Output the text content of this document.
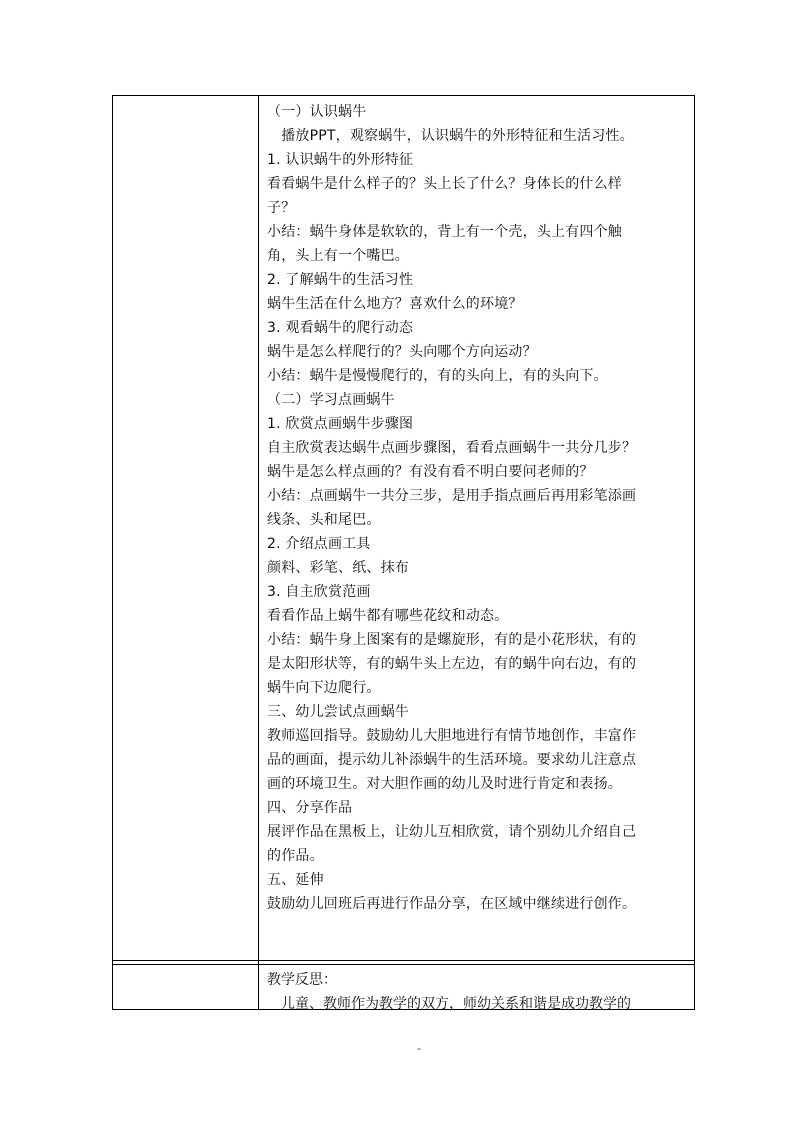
（一）认识蜗牛
　播放PPT，观察蜗牛，认识蜗牛的外形特征和生活习性。
1. 认识蜗牛的外形特征
看看蜗牛是什么样子的？头上长了什么？身体长的什么样
子？
小结：蜗牛身体是软软的，背上有一个壳，头上有四个触
角，头上有一个嘴巴。
2. 了解蜗牛的生活习性
蜗牛生活在什么地方？喜欢什么的环境？
3. 观看蜗牛的爬行动态
蜗牛是怎么样爬行的？头向哪个方向运动？
小结：蜗牛是慢慢爬行的，有的头向上，有的头向下。
（二）学习点画蜗牛
1. 欣赏点画蜗牛步骤图
自主欣赏表达蜗牛点画步骤图，看看点画蜗牛一共分几步？
蜗牛是怎么样点画的？有没有看不明白要问老师的？
小结：点画蜗牛一共分三步，是用手指点画后再用彩笔添画
线条、头和尾巴。
2. 介绍点画工具
颜料、彩笔、纸、抹布
3. 自主欣赏范画
看看作品上蜗牛都有哪些花纹和动态。
小结：蜗牛身上图案有的是螺旋形，有的是小花形状，有的
是太阳形状等，有的蜗牛头上左边，有的蜗牛向右边，有的
蜗牛向下边爬行。
三、幼儿尝试点画蜗牛
教师巡回指导。鼓励幼儿大胆地进行有情节地创作，丰富作
品的画面，提示幼儿补添蜗牛的生活环境。要求幼儿注意点
画的环境卫生。对大胆作画的幼儿及时进行肯定和表扬。
四、分享作品
展评作品在黑板上，让幼儿互相欣赏，请个别幼儿介绍自己
的作品。
五、延伸
鼓励幼儿回班后再进行作品分享，在区域中继续进行创作。
教学反思：
　儿童、教师作为教学的双方，师幼关系和谐是成功教学的
-
